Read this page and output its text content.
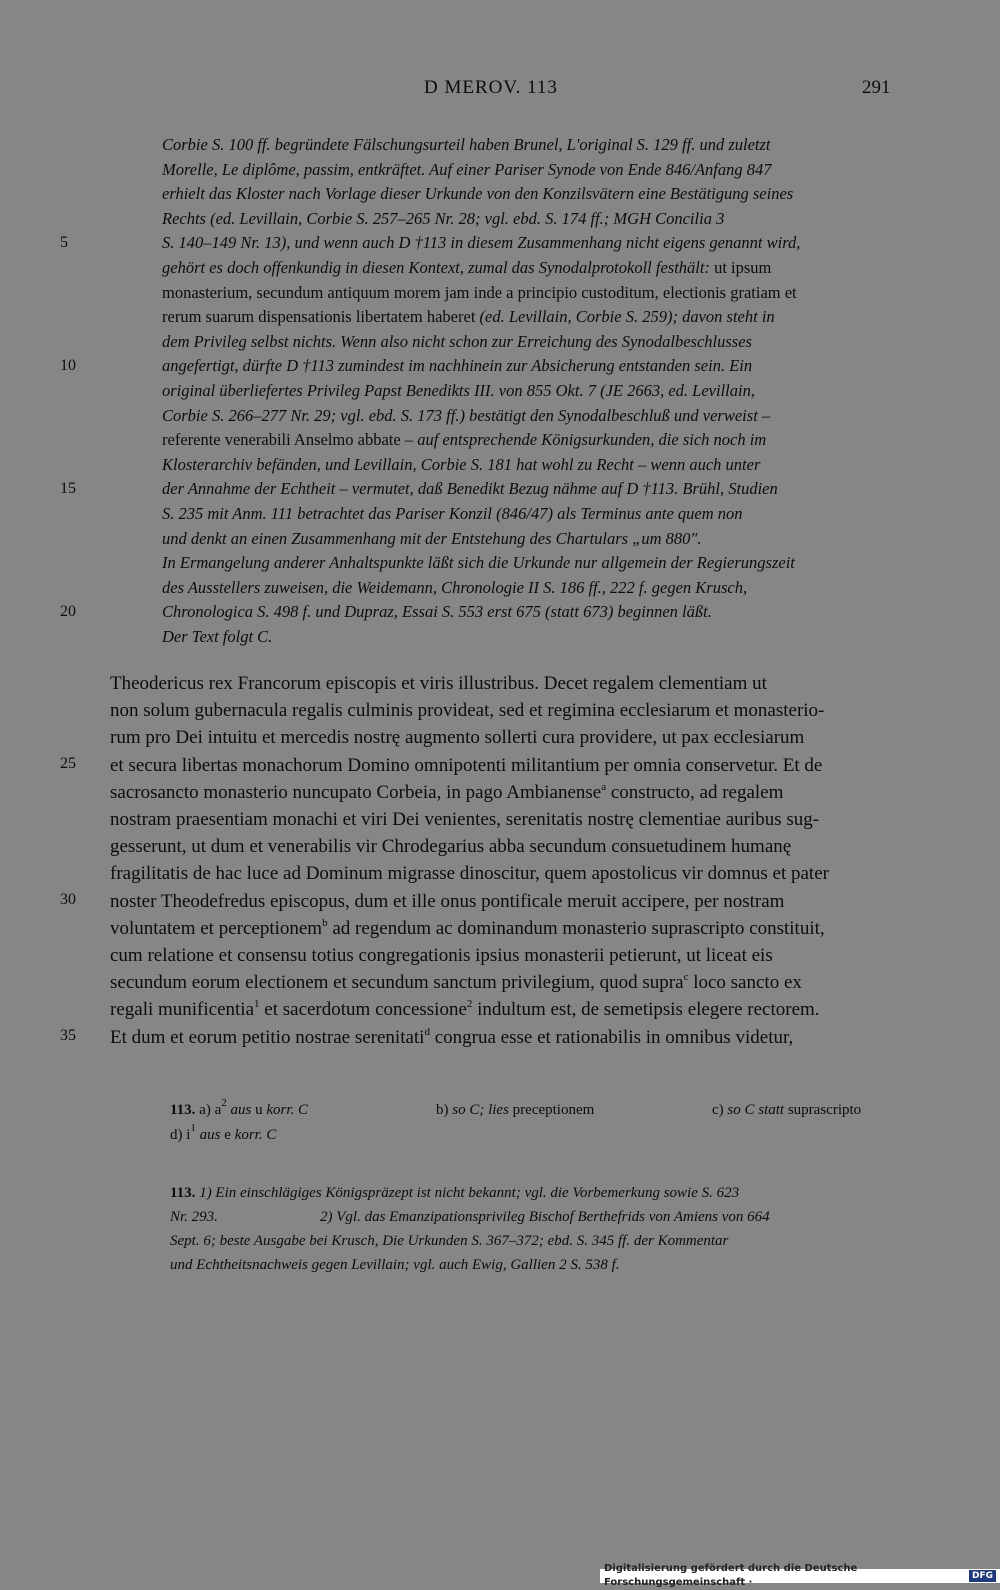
D MEROV. 113	291
5
10
15
20
25
30
35
Corbie S. 100 ff. begründete Fälschungsurteil haben Brunel, L'original S. 129 ff. und zuletzt
Morelle, Le diplôme, passim, entkräftet. Auf einer Pariser Synode von Ende 846/Anfang 847
erhielt das Kloster nach Vorlage dieser Urkunde von den Konzilsvätern eine Bestätigung seines
Rechts (ed. Levillain, Corbie S. 257–265 Nr. 28; vgl. ebd. S. 174 ff.; MGH Concilia 3
S. 140–149 Nr. 13), und wenn auch D †113 in diesem Zusammenhang nicht eigens genannt wird,
gehört es doch offenkundig in diesen Kontext, zumal das Synodalprotokoll festhält: ut ipsum
monasterium, secundum antiquum morem jam inde a principio custoditum, electionis gratiam et
rerum suarum dispensationis libertatem haberet (ed. Levillain, Corbie S. 259); davon steht in
dem Privileg selbst nichts. Wenn also nicht schon zur Erreichung des Synodalbeschlusses
angefertigt, dürfte D †113 zumindest im nachhinein zur Absicherung entstanden sein. Ein
original überliefertes Privileg Papst Benedikts III. von 855 Okt. 7 (JE 2663, ed. Levillain,
Corbie S. 266–277 Nr. 29; vgl. ebd. S. 173 ff.) bestätigt den Synodalbeschluß und verweist –
referente venerabili Anselmo abbate – auf entsprechende Königsurkunden, die sich noch im
Klosterarchiv befänden, und Levillain, Corbie S. 181 hat wohl zu Recht – wenn auch unter
der Annahme der Echtheit – vermutet, daß Benedikt Bezug nähme auf D †113. Brühl, Studien
S. 235 mit Anm. 111 betrachtet das Pariser Konzil (846/47) als Terminus ante quem non
und denkt an einen Zusammenhang mit der Entstehung des Chartulars „um 880".
In Ermangelung anderer Anhaltspunkte läßt sich die Urkunde nur allgemein der Regierungszeit
des Ausstellers zuweisen, die Weidemann, Chronologie II S. 186 ff., 222 f. gegen Krusch,
Chronologica S. 498 f. und Dupraz, Essai S. 553 erst 675 (statt 673) beginnen läßt.
Der Text folgt C.
Theodericus rex Francorum episcopis et viris illustribus. Decet regalem clementiam ut
non solum gubernacula regalis culminis provideat, sed et regimina ecclesiarum et monasterio-
rum pro Dei intuitu et mercedis nostrę augmento sollerti cura providere, ut pax ecclesiarum
et secura libertas monachorum Domino omnipotenti militantium per omnia conservetur. Et de
sacrosancto monasterio nuncupato Corbeia, in pago Ambianense$^a$ constructo, ad regalem
nostram praesentiam monachi et viri Dei venientes, serenitatis nostrę clementiae auribus sug-
gesserunt, ut dum et venerabilis vir Chrodegarius abba secundum consuetudinem humanę
fragilitatis de hac luce ad Dominum migrasse dinoscitur, quem apostolicus vir domnus et pater
noster Theodefredus episcopus, dum et ille onus pontificale meruit accipere, per nostram
voluntatem et perceptionem$^b$ ad regendum ac dominandum monasterio suprascripto constituit,
cum relatione et consensu totius congregationis ipsius monasterii petierunt, ut liceat eis
secundum eorum electionem et secundum sanctum privilegium, quod supra$^c$ loco sancto ex
regali munificentia$^1$ et sacerdotum concessione$^2$ indultum est, de semetipsis elegere rectorem.
Et dum et eorum petitio nostrae serenitati$^d$ congrua esse et rationabilis in omnibus videtur,
113. a) $a^2$ aus u korr. C	b) so C; lies preceptionem	c) so C statt suprascripto
d) $i^1$ aus e korr. C
113. 1) Ein einschlägiges Königspräzept ist nicht bekannt; vgl. die Vorbemerkung sowie S. 623
Nr. 293.	2) Vgl. das Emanzipationsprivileg Bischof Berthefrids von Amiens von 664
Sept. 6; beste Ausgabe bei Krusch, Die Urkunden S. 367–372; ebd. S. 345 ff. der Kommentar
und Echtheitsnachweis gegen Levillain; vgl. auch Ewig, Gallien 2 S. 538 f.
Digitalisierung gefördert durch die Deutsche Forschungsgemeinschaft ·
DFG
